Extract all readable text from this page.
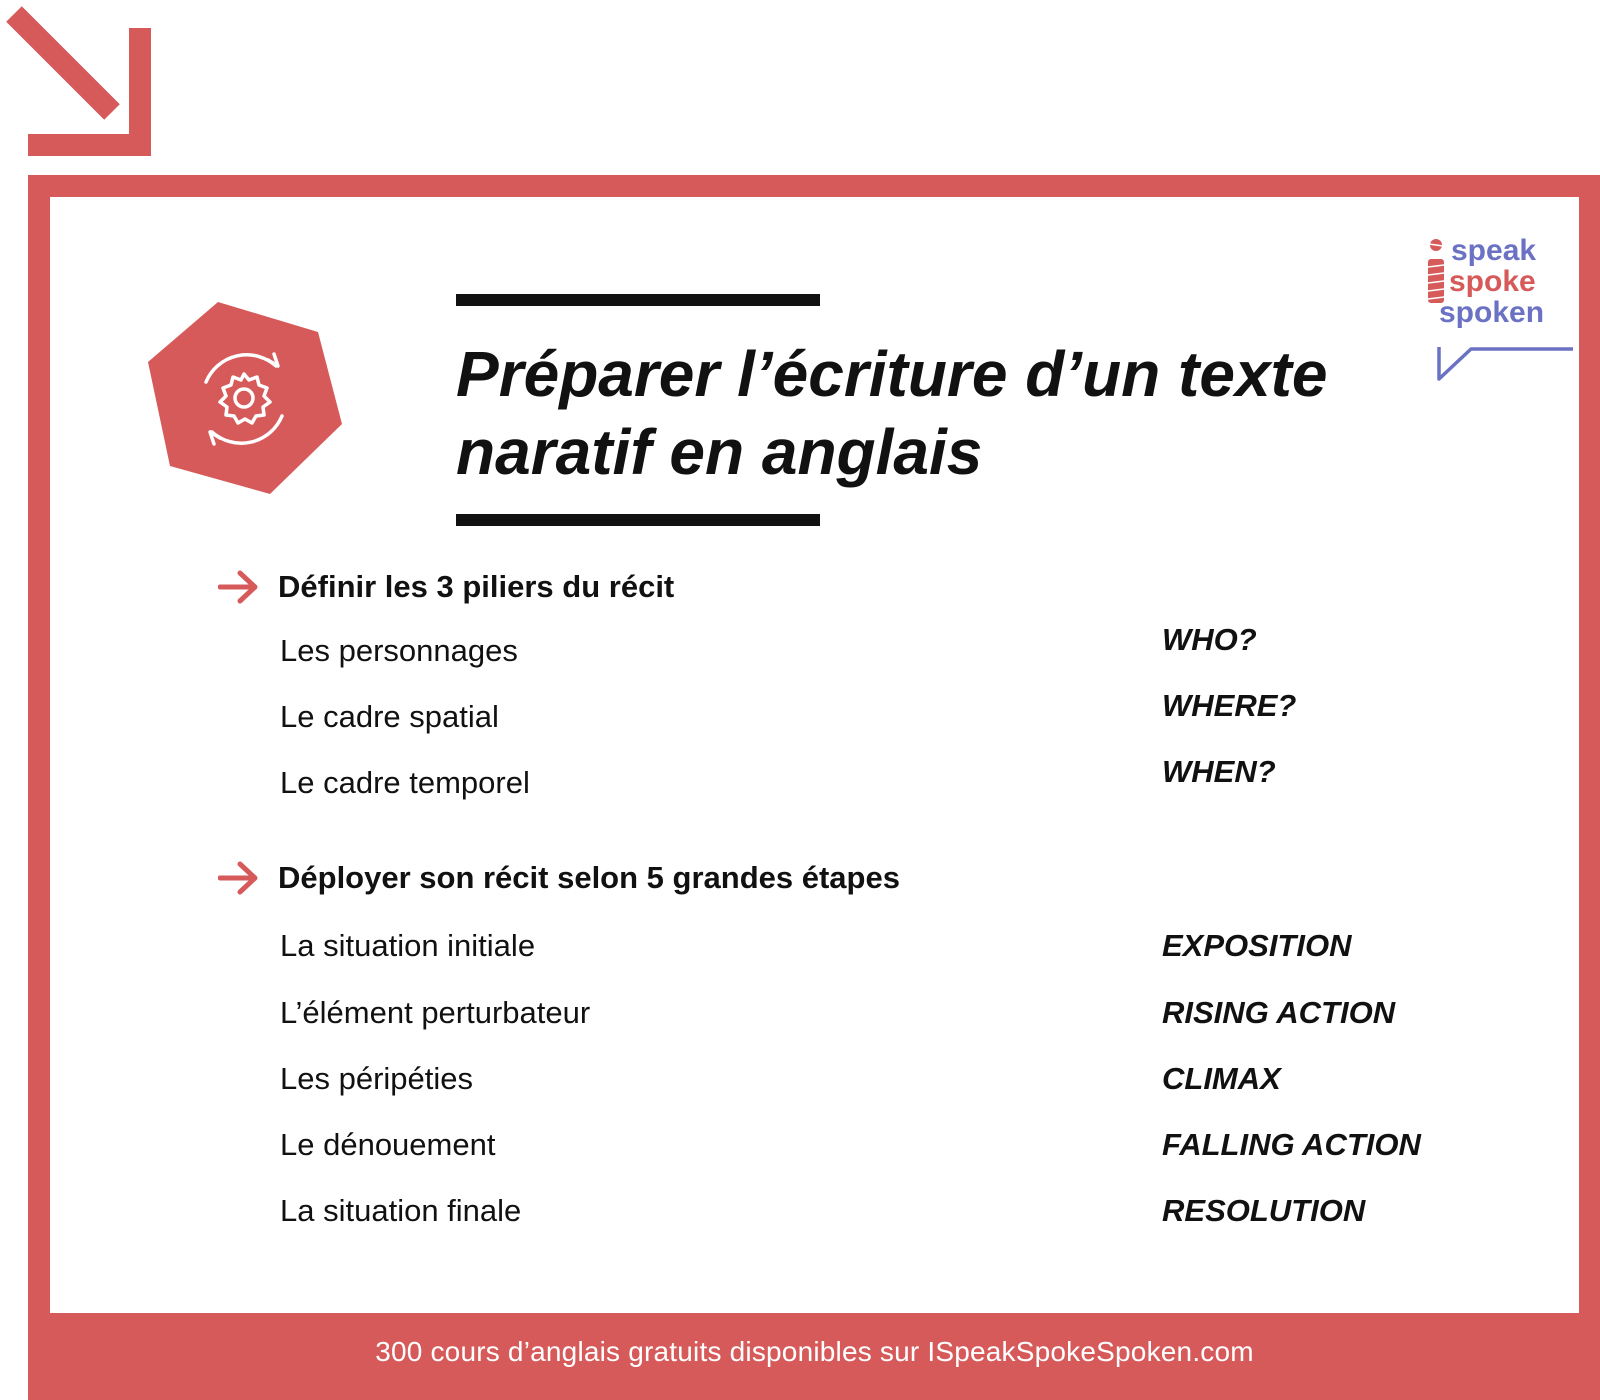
300 cours d’anglais gratuits disponibles sur ISpeakSpokeSpoken.com
Préparer l’écriture d’un texte naratif en anglais
speak
spoke
spoken
Définir les 3 piliers du récit
Les personnages	WHO?
Le cadre spatial	WHERE?
Le cadre temporel	WHEN?
Déployer son récit selon 5 grandes étapes
La situation initiale	EXPOSITION
L’élément perturbateur	RISING ACTION
Les péripéties	CLIMAX
Le dénouement	FALLING ACTION
La situation finale	RESOLUTION
